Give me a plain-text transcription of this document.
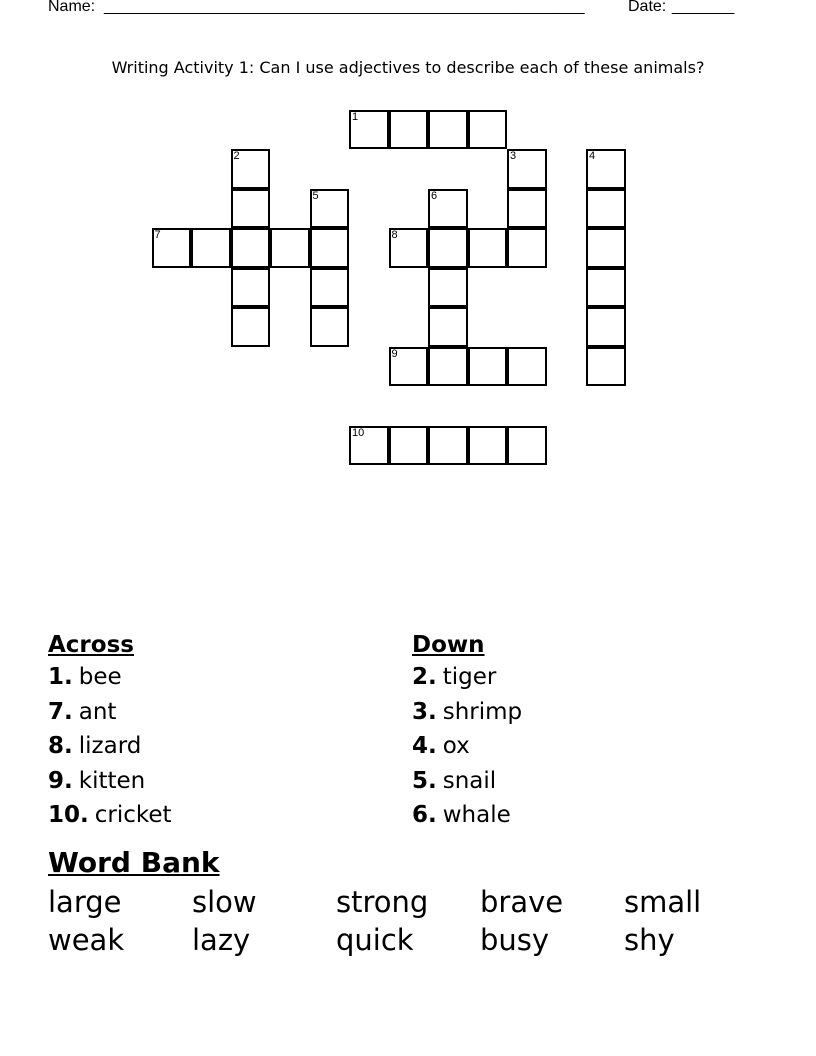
Name: ______________________________________________________	Date: _______
Writing Activity 1: Can I use adjectives to describe each of these animals?
1
2	3	4
5	6
7	8
9
10
Across
1. bee
7. ant
8. lizard
9. kitten
10. cricket
Down
2. tiger
3. shrimp
4. ox
5. snail
6. whale
Word Bank
large slow	strong brave small
weak lazy	quick busy	shy
